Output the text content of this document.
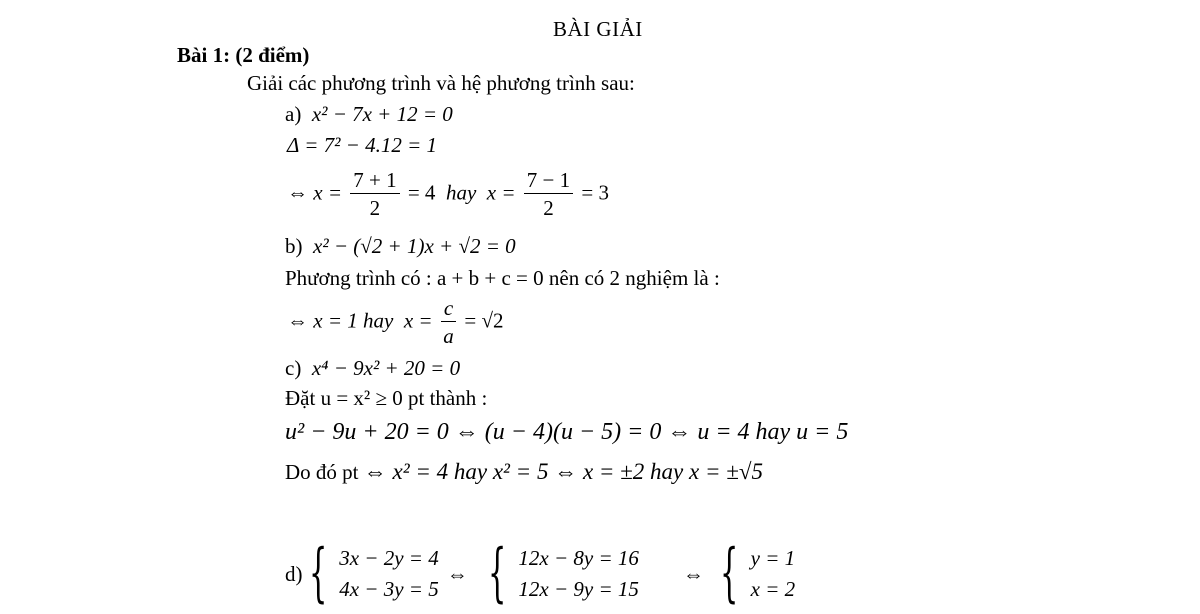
BÀI GIẢI
Bài 1: (2 điểm)
Giải các phương trình và hệ phương trình sau:
a) x² − 7x + 12 = 0
Δ = 7² − 4.12 = 1
⇔ $x = \frac{7 + 1}{2} = 4$ hay $x = \frac{7 - 1}{2} = 3$
b) x² − (√2 + 1)x + √2 = 0
Phương trình có : a + b + c = 0 nên có 2 nghiệm là :
⇔ x = 1 hay $x = \frac{c}{a} = √2$
c) x⁴ − 9x² + 20 = 0
Đặt u = x² ≥ 0 pt thành :
u² − 9u + 20 = 0 ⇔ (u − 4)(u − 5) = 0 ⇔ u = 4 hay u = 5
Do đó pt ⇔ x² = 4 hay x² = 5 ⇔ x = ±2 hay x = ±√5
d) { 3x − 2y = 4
4x − 3y = 5
⇔ { 12x − 8y = 16
12x − 9y = 15
⇔ { y = 1
x = 2
